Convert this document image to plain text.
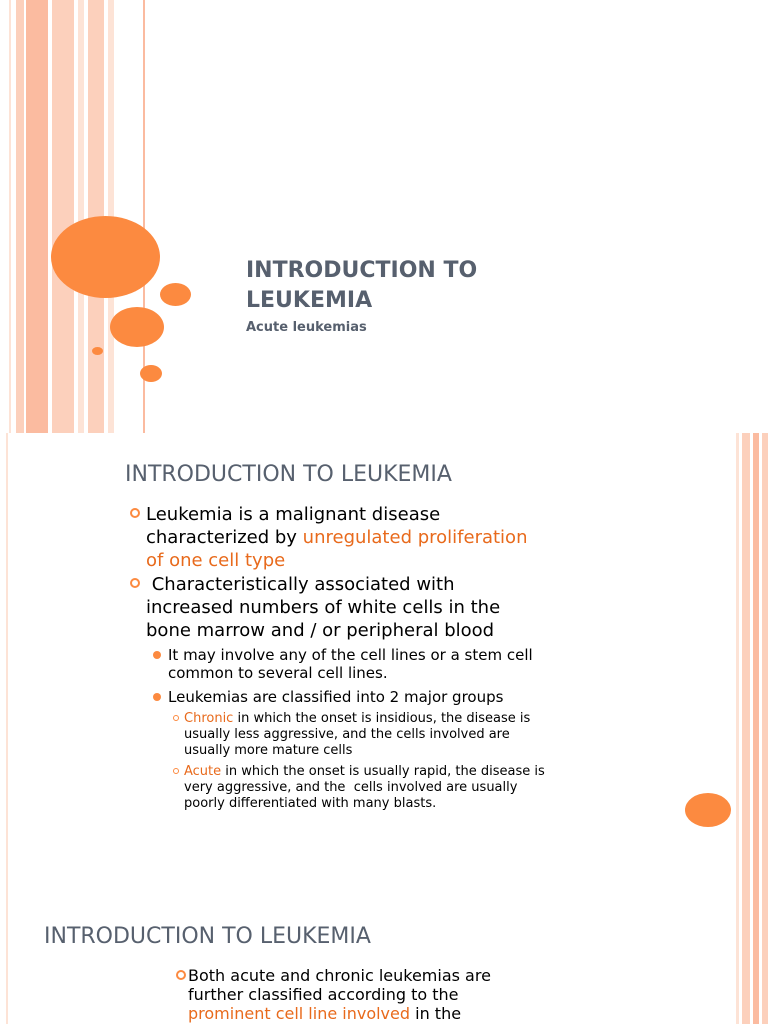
INTRODUCTION TO
LEUKEMIA
Acute leukemias
INTRODUCTION TO LEUKEMIA
Leukemia is a malignant disease
characterized by unregulated proliferation
of one cell type
Characteristically associated with
increased numbers of white cells in the
bone marrow and / or peripheral blood
It may involve any of the cell lines or a stem cell
common to several cell lines.
Leukemias are classified into 2 major groups
Chronic in which the onset is insidious, the disease is
usually less aggressive, and the cells involved are
usually more mature cells
Acute in which the onset is usually rapid, the disease is
very aggressive, and the  cells involved are usually
poorly differentiated with many blasts.
INTRODUCTION TO LEUKEMIA
Both acute and chronic leukemias are
further classified according to the
prominent cell line involved in the
